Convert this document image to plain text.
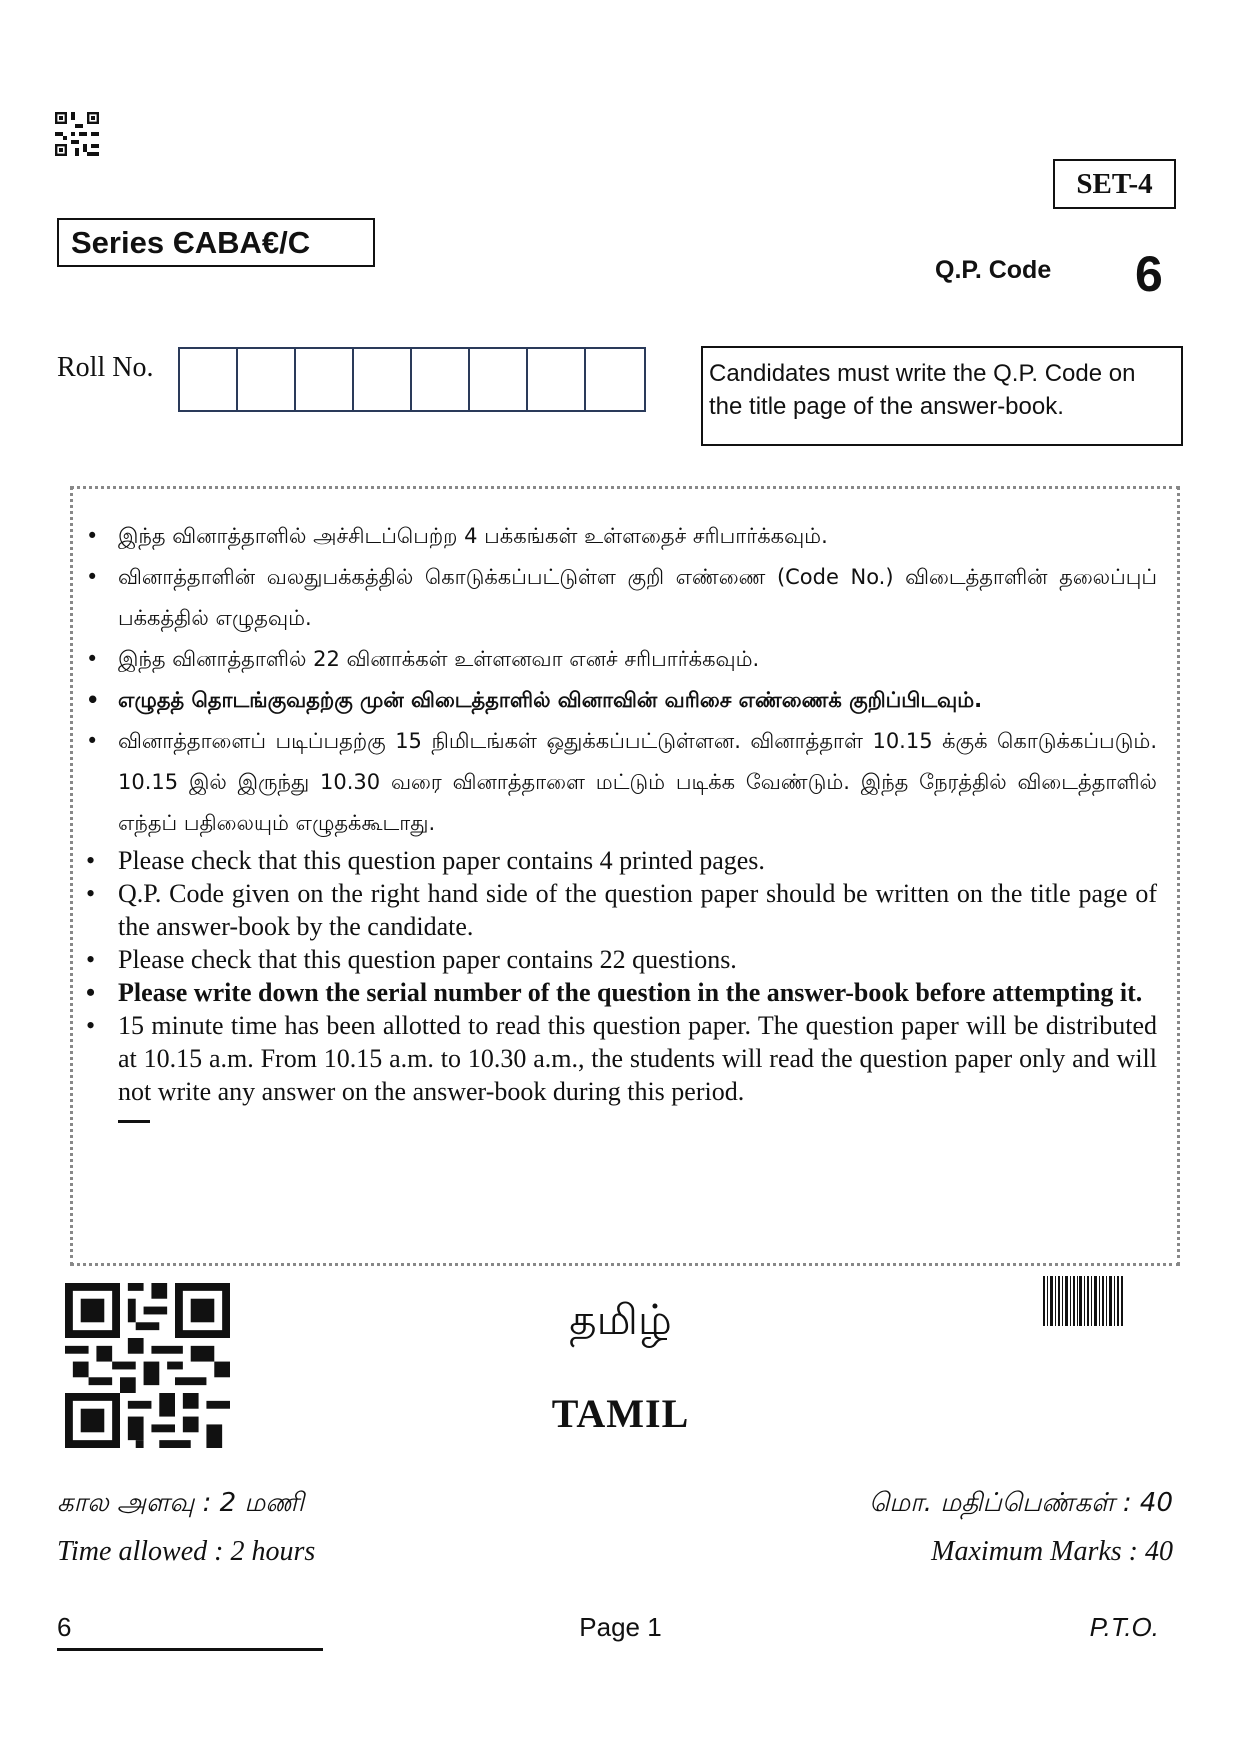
SET-4
Series ЄABA€/C
Q.P. Code 6
Roll No.	Candidates must write the Q.P. Code on the title page of the answer-book.
• இந்த வினாத்தாளில் அச்சிடப்பெற்ற 4 பக்கங்கள் உள்ளதைச் சரிபார்க்கவும்.
• வினாத்தாளின் வலதுபக்கத்தில் கொடுக்கப்பட்டுள்ள குறி எண்ணை (Code No.) விடைத்தாளின் தலைப்புப் பக்கத்தில் எழுதவும்.
• இந்த வினாத்தாளில் 22 வினாக்கள் உள்ளனவா எனச் சரிபார்க்கவும்.
• எழுதத் தொடங்குவதற்கு முன் விடைத்தாளில் வினாவின் வரிசை எண்ணைக் குறிப்பிடவும்.
• வினாத்தாளைப் படிப்பதற்கு 15 நிமிடங்கள் ஒதுக்கப்பட்டுள்ளன. வினாத்தாள் 10.15 க்குக் கொடுக்கப்படும். 10.15 இல் இருந்து 10.30 வரை வினாத்தாளை மட்டும் படிக்க வேண்டும். இந்த நேரத்தில் விடைத்தாளில் எந்தப் பதிலையும் எழுதக்கூடாது.
• Please check that this question paper contains 4 printed pages.
• Q.P. Code given on the right hand side of the question paper should be written on the title page of the answer-book by the candidate.
• Please check that this question paper contains 22 questions.
• Please write down the serial number of the question in the answer-book before attempting it.
• 15 minute time has been allotted to read this question paper. The question paper will be distributed at 10.15 a.m. From 10.15 a.m. to 10.30 a.m., the students will read the question paper only and will not write any answer on the answer-book during this period.
தமிழ்
TAMIL
கால அளவு : 2 மணி
Time allowed : 2 hours
மொ. மதிப்பெண்கள் : 40
Maximum Marks : 40
6	Page 1	P.T.O.
